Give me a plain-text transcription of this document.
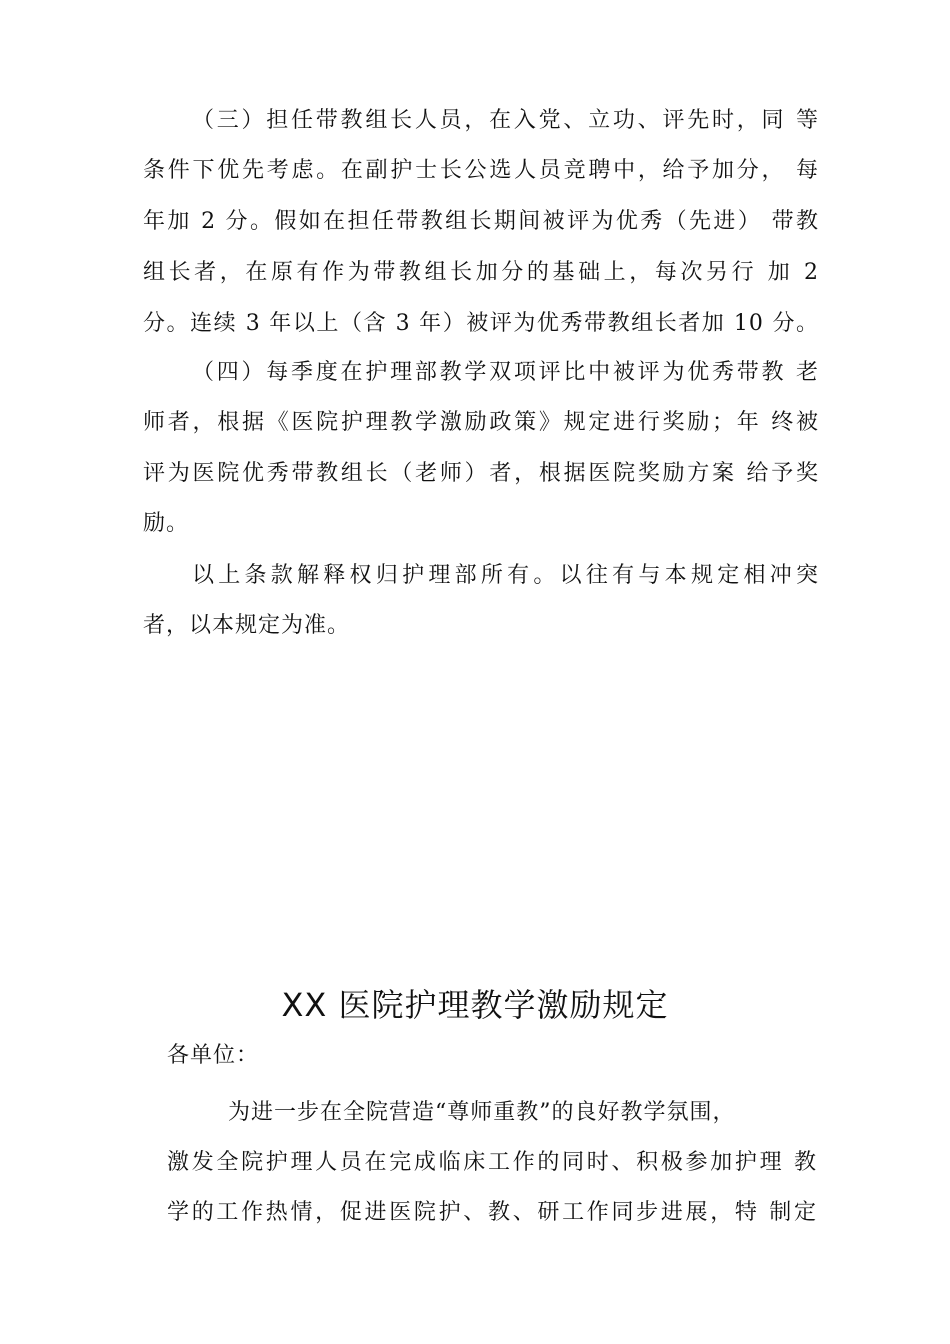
（三）担任带教组长人员，在入党、立功、评先时，同 等
条件下优先考虑。在副护士长公选人员竞聘中，给予加分， 每
年加 2 分。假如在担任带教组长期间被评为优秀（先进） 带教
组长者，在原有作为带教组长加分的基础上，每次另行 加 2
分。连续 3 年以上（含 3 年）被评为优秀带教组长者加 10 分。
（四）每季度在护理部教学双项评比中被评为优秀带教 老
师者，根据《医院护理教学激励政策》规定进行奖励；年 终被
评为医院优秀带教组长（老师）者，根据医院奖励方案 给予奖
励。
以上条款解释权归护理部所有。以往有与本规定相冲突
者，以本规定为准。
XX 医院护理教学激励规定
各单位：
为进一步在全院营造“尊师重教”的良好教学氛围，
激发全院护理人员在完成临床工作的同时、积极参加护理 教
学的工作热情，促进医院护、教、研工作同步进展，特 制定
